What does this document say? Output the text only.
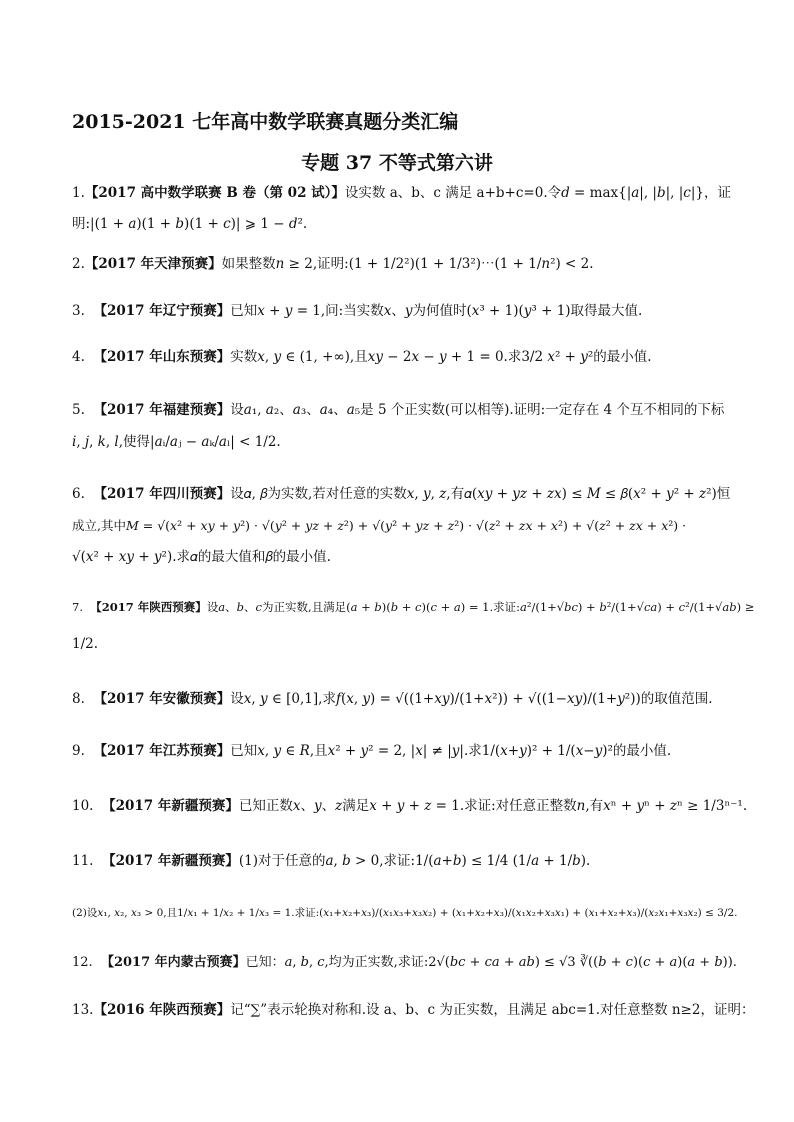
2015-2021 七年高中数学联赛真题分类汇编
专题 37 不等式第六讲
1.【2017 高中数学联赛 B 卷（第 02 试）】设实数 a、b、c 满足 a+b+c=0.令𝑑 = max{|𝑎|, |𝑏|, |𝑐|}，证
明:|(1 + 𝑎)(1 + 𝑏)(1 + 𝑐)| ⩾ 1 − 𝑑².
2.【2017 年天津预赛】如果整数𝑛 ≥ 2,证明:(1 + 1/2²)(1 + 1/3²)⋯(1 + 1/𝑛²) < 2.
3. 【2017 年辽宁预赛】已知𝑥 + 𝑦 = 1,问:当实数𝑥、𝑦为何值时(𝑥³ + 1)(𝑦³ + 1)取得最大值.
4. 【2017 年山东预赛】实数𝑥, 𝑦 ∈ (1, +∞),且𝑥𝑦 − 2𝑥 − 𝑦 + 1 = 0.求3/2 𝑥² + 𝑦²的最小值.
5. 【2017 年福建预赛】设𝑎₁, 𝑎₂、𝑎₃、𝑎₄、𝑎₅是 5 个正实数(可以相等).证明:一定存在 4 个互不相同的下标
𝑖, 𝑗, 𝑘, 𝑙,使得|𝑎ᵢ/𝑎ⱼ − 𝑎ₖ/𝑎ₗ| < 1/2.
6. 【2017 年四川预赛】设𝛼, 𝛽为实数,若对任意的实数𝑥, 𝑦, 𝑧,有𝛼(𝑥𝑦 + 𝑦𝑧 + 𝑧𝑥) ≤ 𝑀 ≤ 𝛽(𝑥² + 𝑦² + 𝑧²)恒
成立,其中𝑀 = √(𝑥² + 𝑥𝑦 + 𝑦²) · √(𝑦² + 𝑦𝑧 + 𝑧²) + √(𝑦² + 𝑦𝑧 + 𝑧²) · √(𝑧² + 𝑧𝑥 + 𝑥²) + √(𝑧² + 𝑧𝑥 + 𝑥²) ·
√(𝑥² + 𝑥𝑦 + 𝑦²).求𝛼的最大值和𝛽的最小值.
7. 【2017 年陕西预赛】设𝑎、𝑏、𝑐为正实数,且满足(𝑎 + 𝑏)(𝑏 + 𝑐)(𝑐 + 𝑎) = 1.求证:𝑎²/(1+√𝑏𝑐) + 𝑏²/(1+√𝑐𝑎) + 𝑐²/(1+√𝑎𝑏) ≥
1/2.
8. 【2017 年安徽预赛】设𝑥, 𝑦 ∈ [0,1],求𝑓(𝑥, 𝑦) = √((1+𝑥𝑦)/(1+𝑥²)) + √((1−𝑥𝑦)/(1+𝑦²))的取值范围.
9. 【2017 年江苏预赛】已知𝑥, 𝑦 ∈ 𝑅,且𝑥² + 𝑦² = 2, |𝑥| ≠ |𝑦|.求1/(𝑥+𝑦)² + 1/(𝑥−𝑦)²的最小值.
10. 【2017 年新疆预赛】已知正数𝑥、𝑦、𝑧满足𝑥 + 𝑦 + 𝑧 = 1.求证:对任意正整数𝑛,有𝑥ⁿ + 𝑦ⁿ + 𝑧ⁿ ≥ 1/3ⁿ⁻¹.
11. 【2017 年新疆预赛】(1)对于任意的𝑎, 𝑏 > 0,求证:1/(𝑎+𝑏) ≤ 1/4 (1/𝑎 + 1/𝑏).
(2)设𝑥₁, 𝑥₂, 𝑥₃ > 0,且1/𝑥₁ + 1/𝑥₂ + 1/𝑥₃ = 1.求证:(𝑥₁+𝑥₂+𝑥₃)/(𝑥₁𝑥₃+𝑥₃𝑥₂) + (𝑥₁+𝑥₂+𝑥₃)/(𝑥₁𝑥₂+𝑥₃𝑥₁) + (𝑥₁+𝑥₂+𝑥₃)/(𝑥₂𝑥₁+𝑥₃𝑥₂) ≤ 3/2.
12. 【2017 年内蒙古预赛】已知：𝑎, 𝑏, 𝑐,均为正实数,求证:2√(𝑏𝑐 + 𝑐𝑎 + 𝑎𝑏) ≤ √3 ∛((𝑏 + 𝑐)(𝑐 + 𝑎)(𝑎 + 𝑏)).
13.【2016 年陕西预赛】记“∑”表示轮换对称和.设 a、b、c 为正实数，且满足 abc=1.对任意整数 n≥2，证明：
